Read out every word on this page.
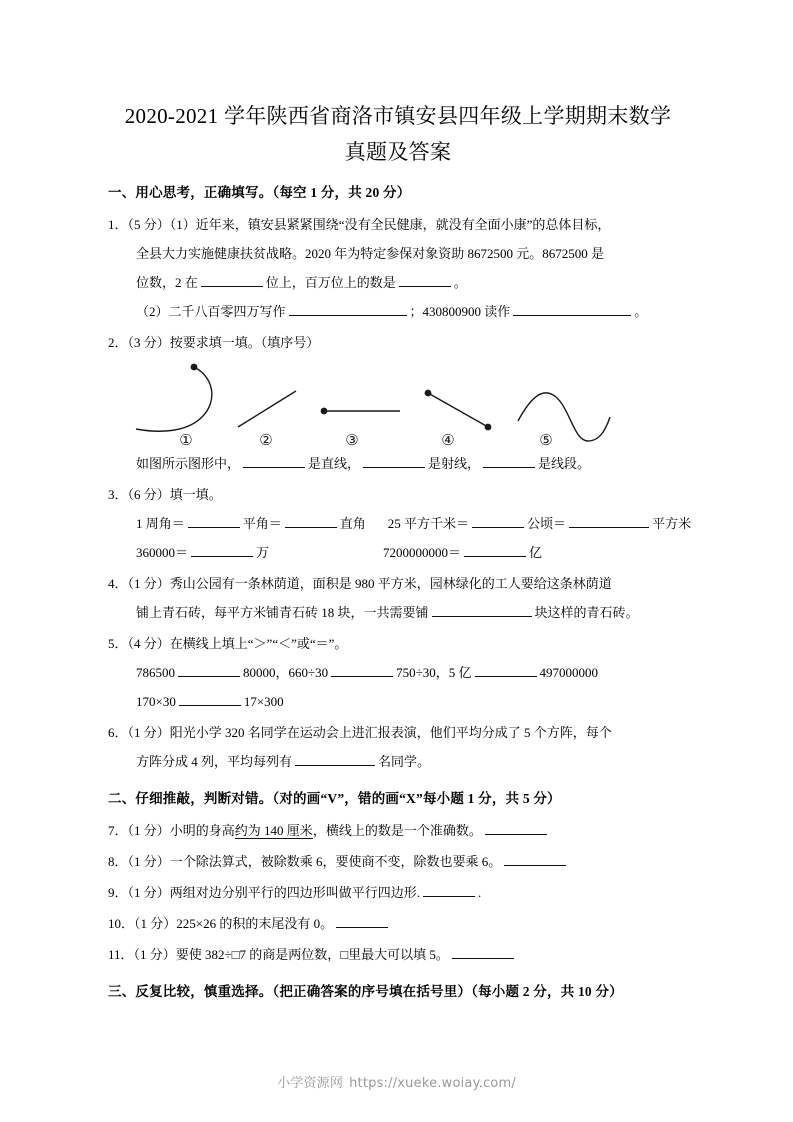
2020-2021 学年陕西省商洛市镇安县四年级上学期期末数学
真题及答案
一、用心思考，正确填写。（每空 1 分，共 20 分）
1．（5 分）（1）近年来，镇安县紧紧围绕“没有全民健康，就没有全面小康”的总体目标，
全县大力实施健康扶贫战略。2020 年为特定参保对象资助 8672500 元。8672500 是
位数，2 在	位上，百万位上的数是	。
（2）二千八百零四万写作	；430800900 读作	。
2．（3 分）按要求填一填。（填序号）
①	②	③	④	⑤
如图所示图形中，	是直线，	是射线，	是线段。
3．（6 分）填一填。
1 周角＝	平角＝	直角 25 平方千米＝	公顷＝	平方米
360000＝	万	7200000000＝	亿
4．（1 分）秀山公园有一条林荫道，面积是 980 平方米，园林绿化的工人要给这条林荫道
铺上青石砖，每平方米铺青石砖 18 块，一共需要铺	块这样的青石砖。
5．（4 分）在横线上填上“＞”“＜”或“＝”。
786500	80000，660÷30	750÷30，5 亿	497000000
170×30	17×300
6．（1 分）阳光小学 320 名同学在运动会上进汇报表演，他们平均分成了 5 个方阵，每个
方阵分成 4 列，平均每列有	名同学。
二、仔细推敲，判断对错。（对的画“V”，错的画“X”每小题 1 分，共 5 分）
7．（1 分）小明的身高约为 140 厘米，横线上的数是一个准确数。
8．（1 分）一个除法算式，被除数乘 6，要使商不变，除数也要乘 6。
9．（1 分）两组对边分别平行的四边形叫做平行四边形.	.
10．（1 分）225×26 的积的末尾没有 0。
11．（1 分）要使 382÷□7 的商是两位数，□里最大可以填 5。
三、反复比较，慎重选择。（把正确答案的序号填在括号里）（每小题 2 分，共 10 分）
小学资源网 https://xueke.woiay.com/
